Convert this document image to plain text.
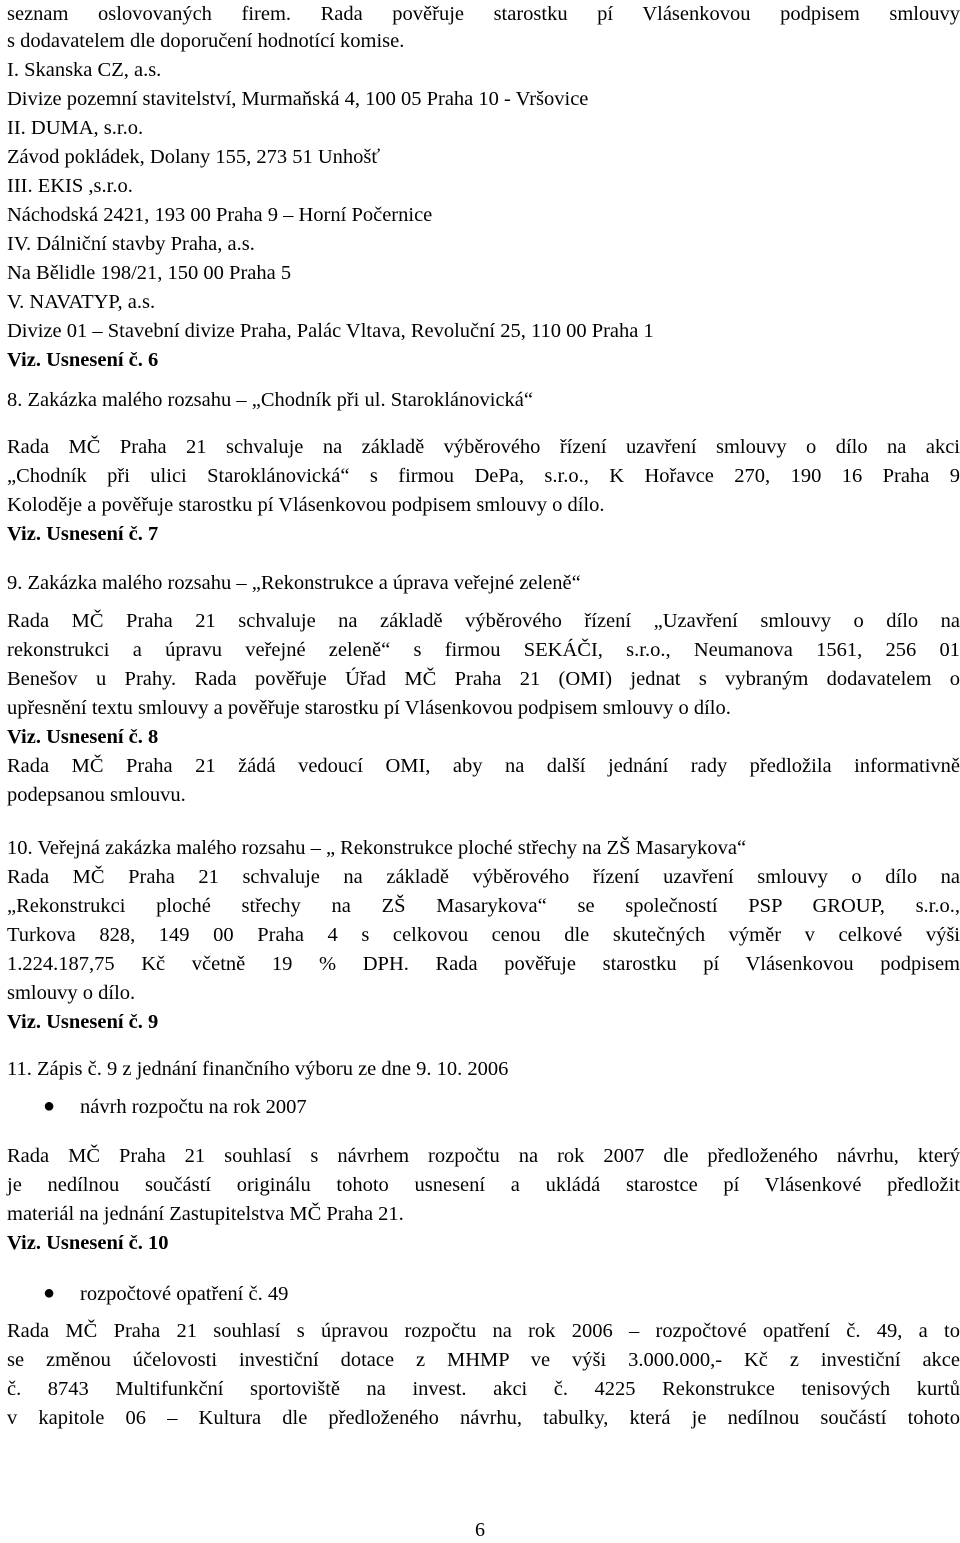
seznam oslovovaných firem. Rada pověřuje starostku pí Vlásenkovou podpisem smlouvy
s dodavatelem dle doporučení hodnotící komise.
I. Skanska CZ, a.s.
Divize pozemní stavitelství, Murmaňská 4, 100 05 Praha 10 - Vršovice
II. DUMA, s.r.o.
Závod pokládek, Dolany 155, 273 51 Unhošť
III. EKIS ,s.r.o.
Náchodská 2421, 193 00 Praha 9 – Horní Počernice
IV. Dálniční stavby Praha, a.s.
Na Bělidle 198/21, 150 00 Praha 5
V. NAVATYP, a.s.
Divize 01 – Stavební divize Praha, Palác Vltava, Revoluční 25, 110 00 Praha 1
Viz. Usnesení č. 6
8. Zakázka malého rozsahu – „Chodník při ul. Staroklánovická“
Rada MČ Praha 21 schvaluje na základě výběrového řízení uzavření smlouvy o dílo na akci
„Chodník při ulici Staroklánovická“ s firmou DePa, s.r.o., K Hořavce 270, 190 16 Praha 9
Koloděje a pověřuje starostku pí Vlásenkovou podpisem smlouvy o dílo.
Viz. Usnesení č. 7
9. Zakázka malého rozsahu – „Rekonstrukce a úprava veřejné zeleně“
Rada MČ Praha 21 schvaluje na základě výběrového řízení „Uzavření smlouvy o dílo na
rekonstrukci a úpravu veřejné zeleně“ s firmou SEKÁČI, s.r.o., Neumanova 1561, 256 01
Benešov u Prahy. Rada pověřuje Úřad MČ Praha 21 (OMI) jednat s vybraným dodavatelem o
upřesnění textu smlouvy a pověřuje starostku pí Vlásenkovou podpisem smlouvy o dílo.
Viz. Usnesení č. 8
Rada MČ Praha 21 žádá vedoucí OMI, aby na další jednání rady předložila informativně
podepsanou smlouvu.
10. Veřejná zakázka malého rozsahu – „ Rekonstrukce ploché střechy na ZŠ Masarykova“
Rada MČ Praha 21 schvaluje na základě výběrového řízení uzavření smlouvy o dílo na
„Rekonstrukci ploché střechy na ZŠ Masarykova“ se společností PSP GROUP, s.r.o.,
Turkova 828, 149 00 Praha 4 s celkovou cenou dle skutečných výměr v celkové výši
1.224.187,75 Kč včetně 19 % DPH. Rada pověřuje starostku pí Vlásenkovou podpisem
smlouvy o dílo.
Viz. Usnesení č. 9
11. Zápis č. 9 z jednání finančního výboru ze dne 9. 10. 2006
● návrh rozpočtu na rok 2007
Rada MČ Praha 21 souhlasí s návrhem rozpočtu na rok 2007 dle předloženého návrhu, který
je nedílnou součástí originálu tohoto usnesení a ukládá starostce pí Vlásenkové předložit
materiál na jednání Zastupitelstva MČ Praha 21.
Viz. Usnesení č. 10
● rozpočtové opatření č. 49
Rada MČ Praha 21 souhlasí s úpravou rozpočtu na rok 2006 – rozpočtové opatření č. 49, a to
se změnou účelovosti investiční dotace z MHMP ve výši 3.000.000,- Kč z investiční akce
č. 8743 Multifunkční sportoviště na invest. akci č. 4225 Rekonstrukce tenisových kurtů
v kapitole 06 – Kultura dle předloženého návrhu, tabulky, která je nedílnou součástí tohoto
6
